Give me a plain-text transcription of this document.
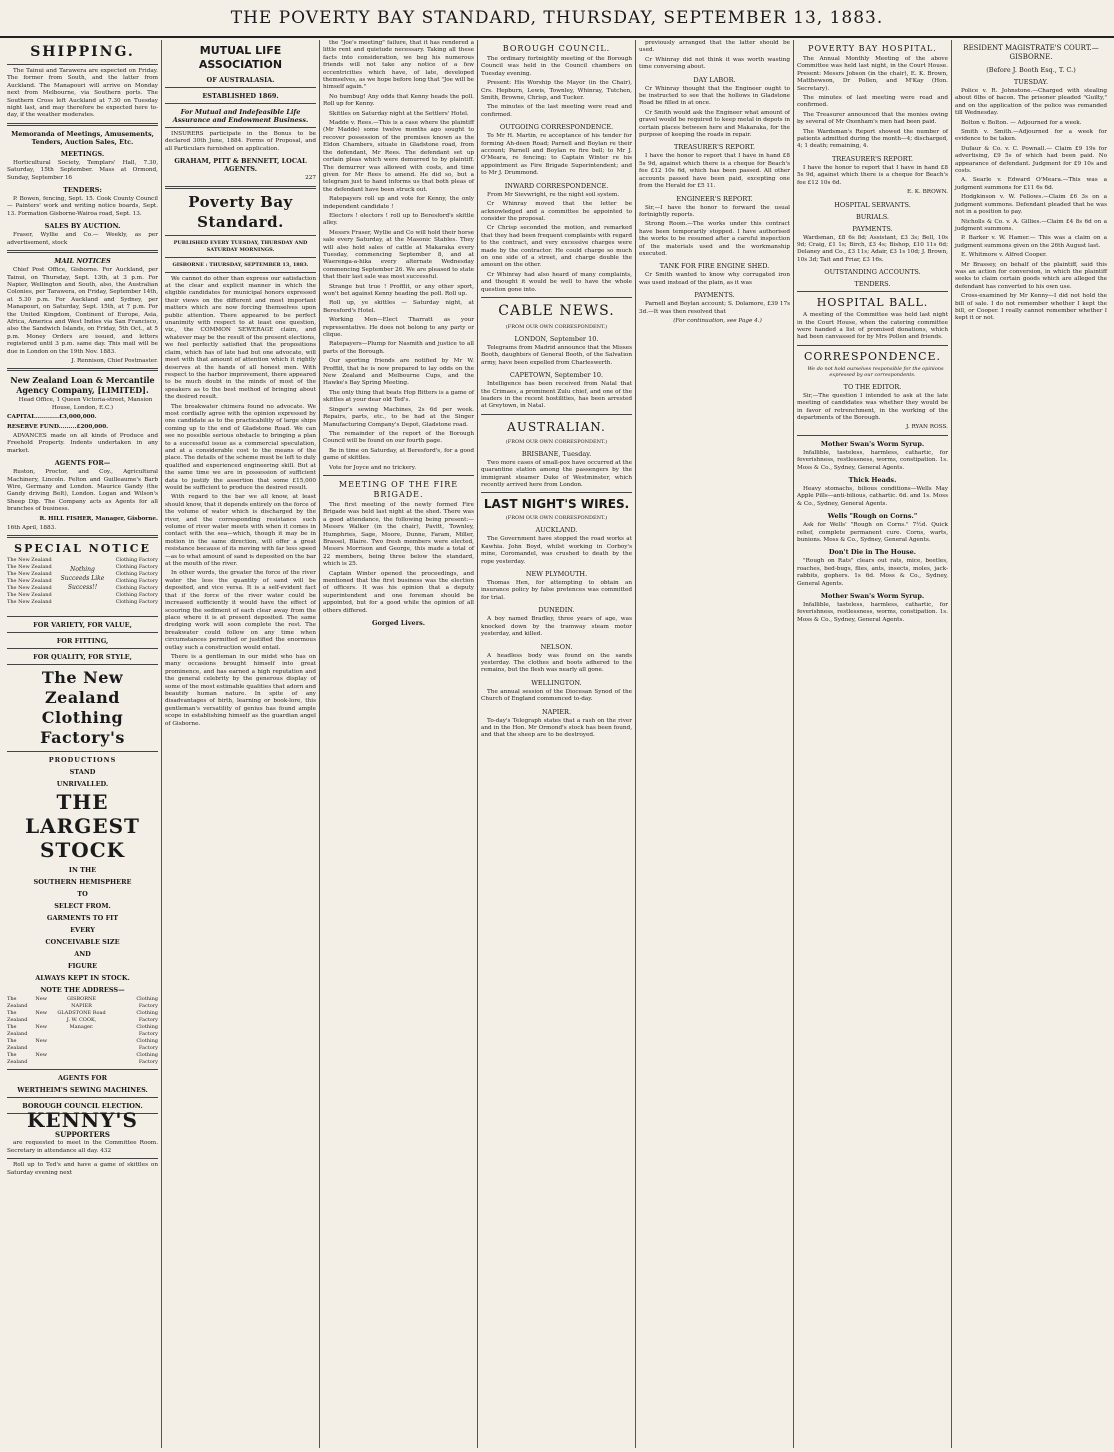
THE POVERTY BAY STANDARD, THURSDAY, SEPTEMBER 13, 1883.
SHIPPING.

The Tainui and Tarawera are expected on Friday. The former from South, and the latter from Auckland. The Manapouri will arrive on Monday next from Melbourne, via Southern ports. The Southern Cross left Auckland at 7.30 on Tuesday night last, and may therefore be expected here to-day, if the weather moderates.

Memoranda of Meetings, Amusements, Tenders, Auction Sales, Etc.
MEETINGS.

Horticultural Society, Templars' Hall, 7.30, Saturday, 15th September. Mass at Ormond, Sunday, September 16

TENDERS:

P. Bowen, fencing, Sept. 15. Cook County Council— Painters' work and writing notice boards, Sept. 13. Formation Gisborne-Wairoa road, Sept. 13.

SALES BY AUCTION.

Fraser, Wyllie and Co.— Weekly, as per advertisement, stock

MAIL NOTICES

Chief Post Office, Gisborne. For Auckland, per Tainui, on Thursday, Sept. 13th, at 3 p.m. For Napier, Wellington and South, also, the Australian Colonies, per Tarawera, on Friday, September 14th, at 5.30 p.m. For Auckland and Sydney, per Manapouri, on Saturday, Sept. 15th, at 7 p.m. For the United Kingdom, Continent of Europe, Asia, Africa, America and West Indies via San Francisco, also the Sandwich Islands, on Friday, 5th Oct., at 5 p.m. Money Orders are issued, and letters registered until 3 p.m. same day. This mail will be due in London on the 19th Nov. 1883.

J. Rennison, Chief Postmaster.

New Zealand Loan & Mercantile Agency Company, [LIMITED].

Head Office, 1 Queen Victoria-street, Mansion House, London, E.C.)

CAPITAL............£3,000,000.

RESERVE FUND.........£200,000.

ADVANCES made on all kinds of Produce and Freehold Property. Indents undertaken in any market.

AGENTS FOR—

Ruston, Proctor, and Coy., Agricultural Machinery, Lincoln. Felton and Guilleaume's Barb Wire, Germany and London. Maurice Gandy (the Gandy driving Belt), London. Logan and Wilson's Sheep Dip. The Company acts as Agents for all branches of business.

R. HILL FISHER, Manager, Gisborne.

16th April, 1883.

SPECIAL NOTICE
The New Zealand
The New Zealand
The New Zealand
The New Zealand
The New Zealand
The New Zealand
The New Zealand
Nothing Succeeds Like Success!!
Clothing Factory
Clothing Factory
Clothing Factory
Clothing Factory
Clothing Factory
Clothing Factory
Clothing Factory
FOR VARIETY, FOR VALUE,
FOR FITTING,
FOR QUALITY, FOR STYLE,
The New Zealand Clothing Factory's
PRODUCTIONS
STAND
UNRIVALLED.
THE LARGEST STOCK
IN THE
SOUTHERN HEMISPHERE
TO
SELECT FROM.
GARMENTS TO FIT
EVERY
CONCEIVABLE SIZE
AND
FIGURE
ALWAYS KEPT IN STOCK.
NOTE THE ADDRESS—
The New Zealand
The New Zealand
The New Zealand
The New Zealand
The New Zealand
GISBORNE
NAPIER
GLADSTONE Road
J. W. COOK, Manager.
Clothing Factory
Clothing Factory
Clothing Factory
Clothing Factory
Clothing Factory
AGENTS FOR
WERTHEIM'S SEWING MACHINES.
BOROUGH COUNCIL ELECTION.
KENNY'S SUPPORTERS

are requested to meet in the Committee Room. Secretary in attendance all day. 432

Roll up to Ted's and have a game of skittles on Saturday evening next

MUTUAL LIFE ASSOCIATION
OF AUSTRALASIA.
ESTABLISHED 1869.
For Mutual and Indefeasible Life Assurance and Endowment Business.

INSURERS participate in the Bonus to be declared 30th June, 1884. Forms of Proposal, and all Particulars furnished on application.

GRAHAM, PITT & BENNETT, LOCAL AGENTS.

227

Poverty Bay Standard.
PUBLISHED EVERY TUESDAY, THURSDAY AND SATURDAY MORNINGS.
GISBORNE : THURSDAY, SEPTEMBER 13, 1883.

We cannot do other than express our satisfaction at the clear and explicit manner in which the eligible candidates for municipal honors expressed their views on the different and most important matters which are now forcing themselves upon public attention. There appeared to be perfect unanimity with respect to at least one question, viz., the COMMON SEWERAGE claim, and whatever may be the result of the present elections, we feel perfectly satisfied that the propositions claim, which has of late had but one advocate, will meet with that amount of attention which it rightly deserves at the hands of all honest men. With respect to the harbor improvement, there appeared to be much doubt in the minds of most of the speakers as to the best method of bringing about the desired result.

The breakwater chimera found no advocate. We most cordially agree with the opinion expressed by one candidate as to the practicability of large ships coming up to the end of Gladstone Road. We can see no possible serious obstacle to bringing a plan to a successful issue as a commercial speculation, and at a considerable cost to the means of the place. The details of the scheme must be left to duly qualified and experienced engineering skill. But at the same time we are in possession of sufficient data to justify the assertion that some £15,000 would be sufficient to produce the desired result.

With regard to the bar we all know, at least should know, that it depends entirely on the force of the volume of water which is discharged by the river, and the corresponding resistance such volume of river water meets with when it comes in contact with the sea—which, though it may be in motion in the same direction, will offer a great resistance because of its moving with far less speed—as to what amount of sand is deposited on the bar at the mouth of the river.

In other words, the greater the force of the river water the less the quantity of sand will be deposited, and vice versa. It is a self-evident fact that if the force of the river water could be increased sufficiently it would have the effect of scouring the sediment of each clear away from the place where it is at present deposited. The same dredging work will soon complete the rest. The breakwater could follow on any time when circumstances permitted or justified the enormous outlay such a construction would entail.

There is a gentleman in our midst who has on many occasions brought himself into great prominence, and has earned a high reputation and the general celebrity by the generous display of some of the most estimable qualities that adorn and beautify human nature. In spite of any disadvantages of birth, learning or book-lore, this gentleman's versatility of genius has found ample scope in establishing himself as the guardian angel of Gisborne.

the "Joe's meeting" failure, that it has rendered a little rent and quietude necessary. Taking all these facts into consideration, we beg his numerous friends will not take any notice of a few eccentricities which have, of late, developed themselves, as we hope before long that "Joe will be himself again."

No humbug! Any odds that Kenny heads the poll. Roll up for Kenny.

Skittles on Saturday night at the Settlers' Hotel.

Madde v. Rees.—This is a case where the plaintiff (Mr Madde) some twelve months ago sought to recover possession of the premises known as the Eldon Chambers, situate in Gladstone road, from the defendant, Mr Rees. The defendant set up certain pleas which were demurred to by plaintiff. The demurrer was allowed with costs, and time given for Mr Rees to amend. He did so, but a telegram just to hand informs us that both pleas of the defendant have been struck out.

Ratepayers roll up and vote for Kenny, the only independent candidate !

Electors ! electors ! roll up to Beresford's skittle alley.

Messrs Fraser, Wyllie and Co will hold their horse sale every Saturday, at the Masonic Stables. They will also hold sales of cattle at Makaraka every Tuesday, commencing September 8, and at Waerenga-a-hika every alternate Wednesday commencing September 26. We are pleased to state that their last sale was most successful.

Strange but true ! Profflit, or any other sport, won't bet against Kenny heading the poll. Roll up.

Roll up, ye skittles — Saturday night, at Beresford's Hotel.

Working Men—Elect Tharratt as your representative. He does not belong to any party or clique.

Ratepayers—Plump for Nasmith and justice to all parts of the Borough.

Our sporting friends are notified by Mr W. Profflit, that he is now prepared to lay odds on the New Zealand and Melbourne Cups, and the Hawke's Bay Spring Meeting.

The only thing that beats Hop Bitters is a game of skittles at your dear old Ted's.

Singer's sewing Machines, 2s 6d per week. Repairs, parts, etc., to be had at the Singer Manufacturing Company's Depot, Gladstone road.

The remainder of the report of the Borough Council will be found on our fourth page.

Be in time on Saturday, at Beresford's, for a good game of skittles.

Vote for Joyce and no trickery.

MEETING OF THE FIRE BRIGADE.

The first meeting of the newly formed Fire Brigade was held last night at the shed. There was a good attendance, the following being present:—Messrs Walker (in the chair), Pavitt, Townley, Humphries, Sage, Moore, Dunne, Faram, Miller, Brassel, Blaire. Two fresh members were elected, Messrs Morrison and George, this made a total of 22 members, being three below the standard, which is 25.

Captain Winter opened the proceedings, and mentioned that the first business was the election of officers. It was his opinion that a deputy superintendent and one foreman should be appointed, but for a good while the opinion of all others differed.

Gorged Livers.
BOROUGH COUNCIL.

The ordinary fortnightly meeting of the Borough Council was held in the Council chambers on Tuesday evening.

Present: His Worship the Mayor (in the Chair), Crs. Hepburn, Lewis, Townley, Whinray, Tutchen, Smith, Browne, Chrisp, and Tucker.

The minutes of the last meeting were read and confirmed.

OUTGOING CORRESPONDENCE.

To Mr H. Martin, re acceptance of his tender for forming Ah-deen Road; Parnell and Boylan re their account; Parnell and Boylan re fire bell; to Mr J. O'Meara, re fencing; to Captain Winter re his appointment as Fire Brigade Superintendent; and to Mr J. Drummond.

INWARD CORRESPONDENCE.

From Mr Sievwright, re the night soil system.

Cr Whinray moved that the letter be acknowledged and a committee be appointed to consider the proposal.

Cr Chrisp seconded the motion, and remarked that they had been frequent complaints with regard to the contract, and very excessive charges were made by the contractor. He could charge so much on one side of a street, and charge double the amount on the other.

Cr Whinray had also heard of many complaints, and thought it would be well to have the whole question gone into.

CABLE NEWS.
(FROM OUR OWN CORRESPONDENT.)
LONDON, September 10.

Telegrams from Madrid announce that the Misses Booth, daughters of General Booth, of the Salvation army, have been expelled from Charleswerth.

CAPETOWN, September 10.

Intelligence has been received from Natal that the Crimaes, a prominent Zulu chief, and one of the leaders in the recent hostilities, has been arrested at Greytown, in Natal.

AUSTRALIAN.
(FROM OUR OWN CORRESPONDENT.)
BRISBANE, Tuesday.

Two more cases of small-pox have occurred at the quarantine station among the passengers by the immigrant steamer Duke of Westminster, which recently arrived here from London.

LAST NIGHT'S WIRES.
(FROM OUR OWN CORRESPONDENT.)
AUCKLAND.

The Government have stopped the road works at Kawhia. John Boyd, whilst working in Corboy's mine, Coromandel, was crushed to death by the rope yesterday.

NEW PLYMOUTH.

Thomas Hen, for attempting to obtain an insurance policy by false pretences was committed for trial.

DUNEDIN.

A boy named Bradley, three years of age, was knocked down by the tramway steam motor yesterday, and killed.

NELSON.

A headless body was found on the sands yesterday. The clothes and boots adhered to the remains, but the flesh was nearly all gone.

WELLINGTON.

The annual session of the Diocesan Synod of the Church of England commenced to-day.

NAPIER.

To-day's Telegraph states that a rash on the river and in the Hon. Mr Ormond's stock has been found, and that the sheep are to be destroyed.

previously arranged that the latter should be used.

Cr Whinray did not think it was worth wasting time conversing about.

DAY LABOR.

Cr Whinray thought that the Engineer ought to be instructed to see that the hollows in Gladstone Road be filled in at once.

Cr Smith would ask the Engineer what amount of gravel would be required to keep metal in depots in certain places between here and Makaraka, for the purpose of keeping the roads in repair.

TREASURER'S REPORT.

I have the honor to report that I have in hand £8 5s 9d, against which there is a cheque for Beach's fee £12 10s 6d, which has been passed. All other accounts passed have been paid, excepting one from the Herald for £5 11.

ENGINEER'S REPORT.

Sir,—I have the honor to forward the usual fortnightly reports.

Strong Room.—The works under this contract have been temporarily stopped. I have authorised the works to be resumed after a careful inspection of the materials used and the workmanship executed.

TANK FOR FIRE ENGINE SHED.

Cr Smith wanted to know why corrugated iron was used instead of the plain, as it was

PAYMENTS.

Parnell and Boylan account; S. Dolamore, £39 17s 3d.—It was then resolved that

(For continuation, see Page 4.)

POVERTY BAY HOSPITAL.

The Annual Monthly Meeting of the above Committee was held last night, in the Court House. Present: Messrs Jobson (in the chair), E. K. Brown, Matthewson, Dr Pollen, and M'Kay (Hon. Secretary).

The minutes of last meeting were read and confirmed.

The Treasurer announced that the monies owing by several of Mr Oxenham's men had been paid.

The Wardsman's Report showed the number of patients admitted during the month—4; discharged, 4; 1 death; remaining, 4.

TREASURER'S REPORT.

I have the honor to report that I have in hand £8 5s 9d, against which there is a cheque for Beach's fee £12 10s 6d.

E. K. BROWN.

HOSPITAL SERVANTS.
BURIALS.
PAYMENTS.

Wardsman, £8 6s 8d; Assistant, £3 3s; Bell, 10s 9d; Craig, £1 1s; Birch, £3 4s; Bishop, £10 11s 6d; Delaney and Co., £3 11s; Adair, £3 1s 10d; J. Brown, 10s 3d; Tait and Friar, £3 16s.

OUTSTANDING ACCOUNTS.
TENDERS.
HOSPITAL BALL.

A meeting of the Committee was held last night in the Court House, when the catering committee were handed a list of promised donations, which had been canvassed for by Mrs Pollen and friends.

CORRESPONDENCE.

We do not hold ourselves responsible for the opinions expressed by our correspondents.

TO THE EDITOR.

Sir,—The question I intended to ask at the late meeting of candidates was whether they would be in favor of retrenchment, in the working of the departments of the Borough.

J. RYAN ROSS.

Mother Swan's Worm Syrup.

Infallible, tasteless, harmless, cathartic, for feverishness, restlessness, worms, constipation. 1s. Moss & Co., Sydney, General Agents.

Thick Heads.

Heavy stomachs, bilious conditions—Wells May Apple Pills—anti-bilious, cathartic. 6d. and 1s. Moss & Co., Sydney, General Agents.

Wells "Rough on Corns."

Ask for Wells' "Rough on Corns." 7½d. Quick relief, complete permanent cure. Corns, warts, bunions. Moss & Co., Sydney, General Agents.

Don't Die in The House.

"Rough on Rats" clears out rats, mice, beetles, roaches, bed-bugs, flies, ants, insects, moles, jack-rabbits, gophers. 1s 6d. Moss & Co., Sydney, General Agents.

Mother Swan's Worm Syrup.

Infallible, tasteless, harmless, cathartic, for feverishness, restlessness, worms, constipation. 1s. Moss & Co., Sydney, General Agents.

RESIDENT MAGISTRATE'S COURT.—GISBORNE.
(Before J. Booth Esq., T. C.)
TUESDAY.

Police v. R. Johnstone.—Charged with stealing about 6lbs of bacon. The prisoner pleaded "Guilty," and on the application of the police was remanded till Wednesday.

Bolton v. Bolton. — Adjourned for a week.

Smith v. Smith.—Adjourned for a week for evidence to be taken.

Dufaur & Co. v. C. Pownall.— Claim £9 19s for advertising, £9 5s of which had been paid. No appearance of defendant. Judgment for £9 10s and costs.

A. Searle v. Edward O'Meara.—This was a judgment summons for £11 6s 6d.

Hodgkinson v. W. Fellows.—Claim £6 3s on a judgment summons. Defendant pleaded that he was not in a position to pay.

Nicholls & Co. v. A. Gillies.—Claim £4 8s 6d on a judgment summons.

P. Barker v. W. Hamer.— This was a claim on a judgment summons given on the 26th August last.

E. Whitmore v. Alfred Cooper.

Mr Brassey, on behalf of the plaintiff, said this was an action for conversion, in which the plaintiff seeks to claim certain goods which are alleged the defendant has converted to his own use.

Cross-examined by Mr Kenny—I did not hold the bill of sale. I do not remember whether I kept the bill, or Cooper. I really cannot remember whether I kept it or not.
